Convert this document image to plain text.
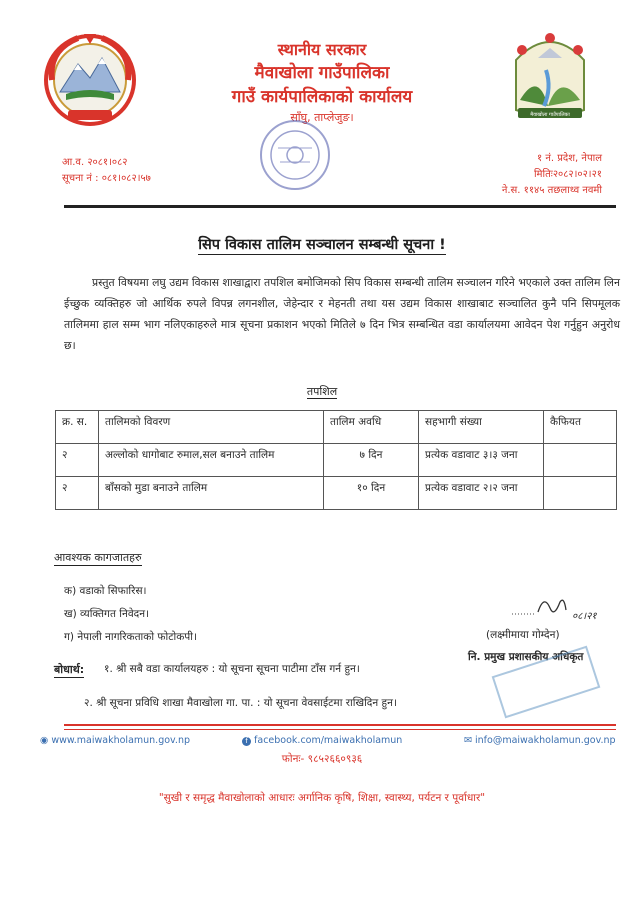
मैवाखोला गाउँपालिका
स्थानीय सरकार
मैवाखोला गाउँपालिका
गाउँ कार्यपालिकाको कार्यालय
साँघु, ताप्लेजुङ।
आ.व. २०८१।०८२
सूचना नं : ०८१।०८२।५७
१ नं. प्रदेश, नेपाल
मितिः२०८२।०२।२१
ने.स. ११४५ तछलाथ्व नवमी
सिप विकास तालिम सञ्चालन सम्बन्धी सूचना !
प्रस्तुत विषयमा लघु उद्यम विकास शाखाद्वारा तपशिल बमोजिमको सिप विकास सम्बन्धी तालिम सञ्चालन गरिने भएकाले उक्त तालिम लिन ईच्छुक व्यक्तिहरु जो आर्थिक रुपले विपन्न लगनशील, जेहेन्दार र मेहनती तथा यस उद्यम विकास शाखाबाट सञ्चालित कुनै पनि सिपमूलक तालिममा हाल सम्म भाग नलिएकाहरुले मात्र सूचना प्रकाशन भएको मितिले ७ दिन भित्र सम्बन्धित वडा कार्यालयमा आवेदन पेश गर्नुहुन अनुरोध छ।
तपशिल
क्र. स.	तालिमको विवरण	तालिम अवधि	सहभागी संख्या	कैफियत
२	अल्लोको धागोबाट रुमाल,सल बनाउने तालिम	७ दिन	प्रत्येक वडावाट ३।३ जना	
२	बाँसको मुडा बनाउने तालिम	१० दिन	प्रत्येक वडावाट २।२ जना	
आवश्यक कागजातहरु
क) वडाको सिफारिस।
ख) व्यक्तिगत निवेदन।
ग) नेपाली नागरिकताको फोटोकपी।
०८।२१
(लक्ष्मीमाया गोम्देन)
नि. प्रमुख प्रशासकीय अधिकृत
बोधार्थ: १. श्री सबै वडा कार्यालयहरु : यो सूचना सूचना पाटीमा टाँस गर्न हुन।
२. श्री सूचना प्रविधि शाखा मैवाखोला गा. पा. : यो सूचना वेवसाईटमा राखिदिन हुन।
◉ www.maiwakholamun.gov.np	f facebook.com/maiwakholamun	✉ info@maiwakholamun.gov.np
फोनः- ९८५२६६०९३६
"सुखी र समृद्ध मैवाखोलाको आधारः अर्गानिक कृषि, शिक्षा, स्वास्थ्य, पर्यटन र पूर्वाधार"
